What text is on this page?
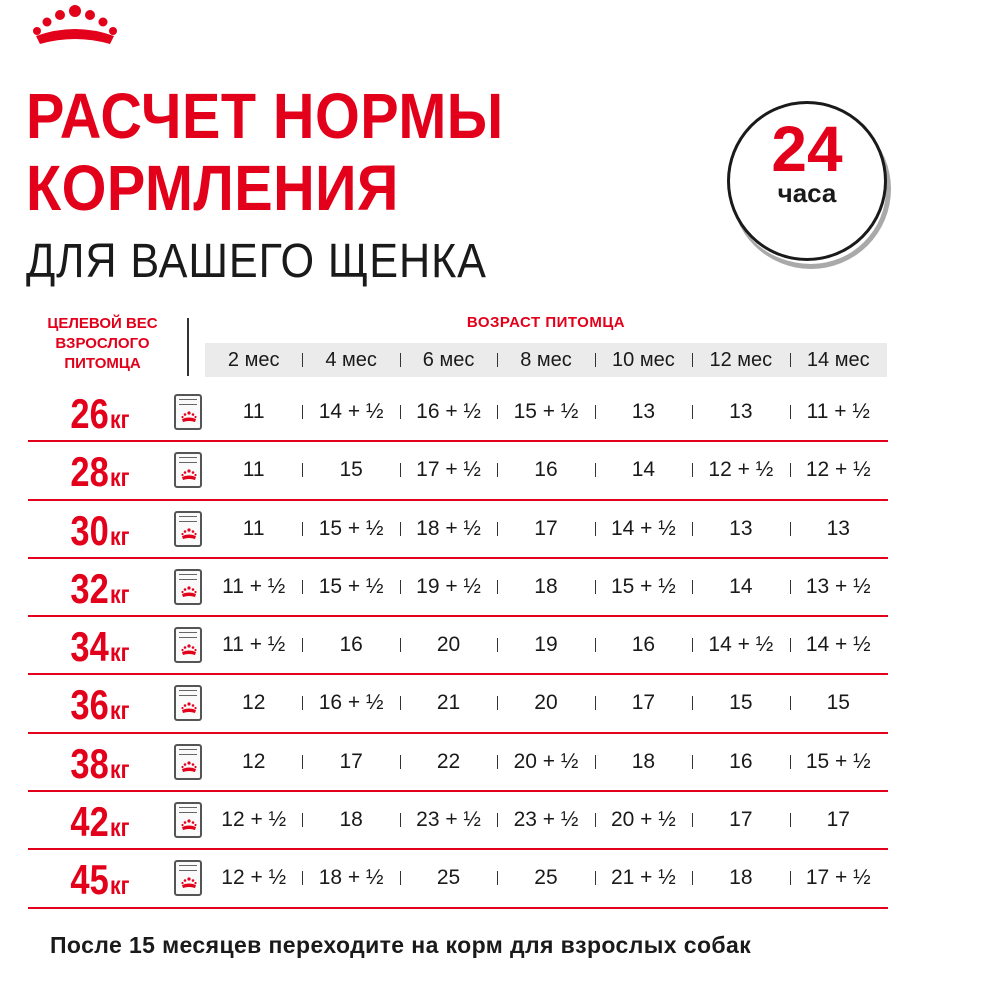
РАСЧЕТ НОРМЫ
КОРМЛЕНИЯ
ДЛЯ ВАШЕГО ЩЕНКА
24
часа
ЦЕЛЕВОЙ ВЕС
ВЗРОСЛОГО
ПИТОМЦА
ВОЗРАСТ ПИТОМЦА
2 мес	4 мес	6 мес	8 мес	10 мес	12 мес	14 мес
26 кг	11	14 + ½	16 + ½	15 + ½	13	13	11 + ½
28 кг	11	15	17 + ½	16	14	12 + ½	12 + ½
30 кг	11	15 + ½	18 + ½	17	14 + ½	13	13
32 кг	11 + ½	15 + ½	19 + ½	18	15 + ½	14	13 + ½
34 кг	11 + ½	16	20	19	16	14 + ½	14 + ½
36 кг	12	16 + ½	21	20	17	15	15
38 кг	12	17	22	20 + ½	18	16	15 + ½
42 кг	12 + ½	18	23 + ½	23 + ½	20 + ½	17	17
45 кг	12 + ½	18 + ½	25	25	21 + ½	18	17 + ½
После 15 месяцев переходите на корм для взрослых собак
